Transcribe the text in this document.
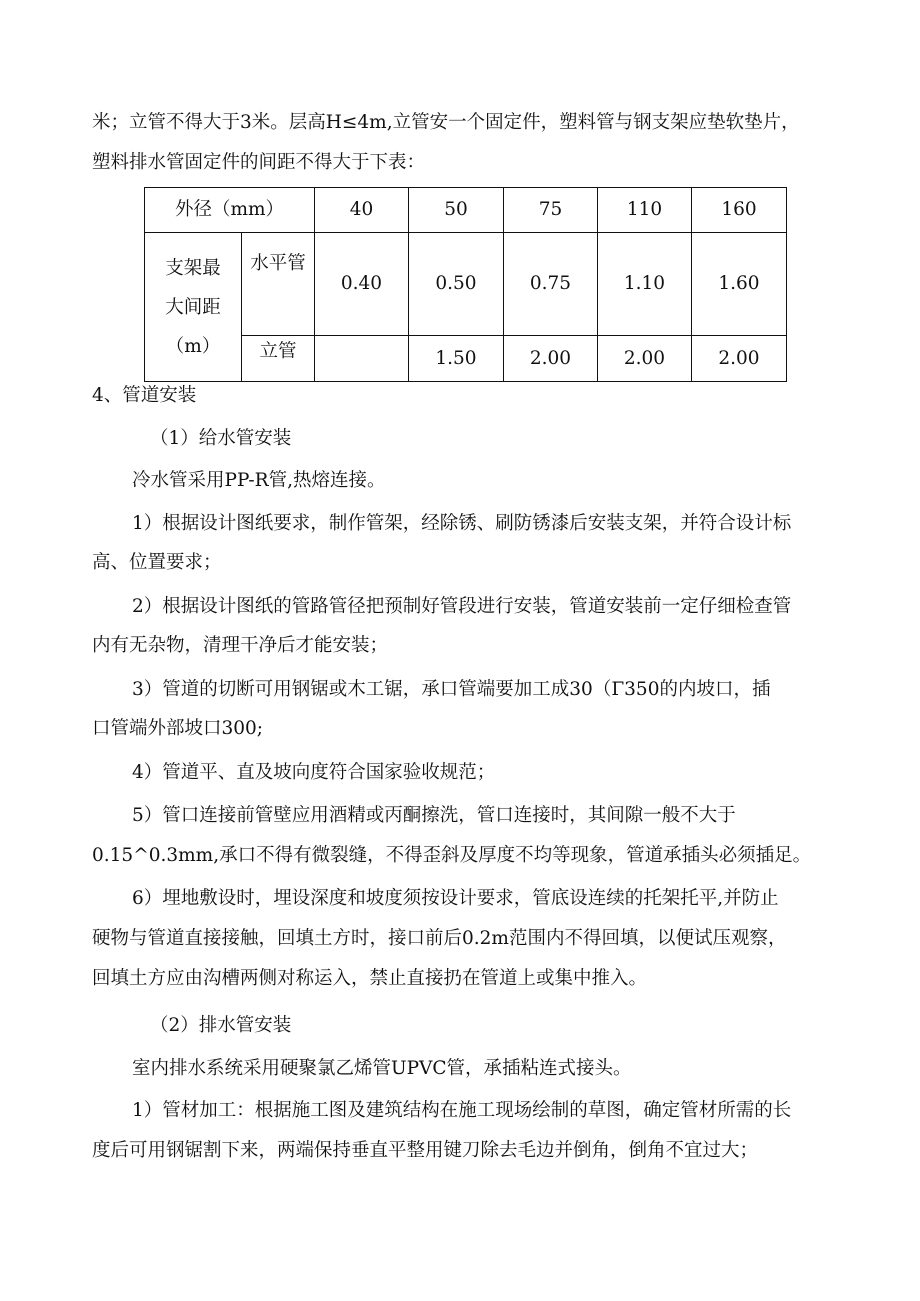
米；立管不得大于3米。层高H≤4m,立管安一个固定件，塑料管与钢支架应垫软垫片，
塑料排水管固定件的间距不得大于下表：
外径（mm）		40	50	75	110	160

支架最
大间距
（m）	水平管	0.40	0.50	0.75	1.10	1.60
	立管		1.50	2.00	2.00	2.00
4、管道安装
（1）给水管安装
冷水管采用PP-R管,热熔连接。
1）根据设计图纸要求，制作管架，经除锈、刷防锈漆后安装支架，并符合设计标
高、位置要求；
2）根据设计图纸的管路管径把预制好管段进行安装，管道安装前一定仔细检查管
内有无杂物，清理干净后才能安装；
3）管道的切断可用钢锯或木工锯，承口管端要加工成30（Γ350的内坡口，插
口管端外部坡口300;
4）管道平、直及坡向度符合国家验收规范；
5）管口连接前管壁应用酒精或丙酮擦洗，管口连接时，其间隙一般不大于
0.15^0.3mm,承口不得有微裂缝，不得歪斜及厚度不均等现象，管道承插头必须插足。
6）埋地敷设时，埋设深度和坡度须按设计要求，管底设连续的托架托平,并防止
硬物与管道直接接触，回填土方时，接口前后0.2m范围内不得回填，以便试压观察，
回填土方应由沟槽两侧对称运入，禁止直接扔在管道上或集中推入。
（2）排水管安装
室内排水系统采用硬聚氯乙烯管UPVC管，承插粘连式接头。
1）管材加工：根据施工图及建筑结构在施工现场绘制的草图，确定管材所需的长
度后可用钢锯割下来，两端保持垂直平整用键刀除去毛边并倒角，倒角不宜过大；
